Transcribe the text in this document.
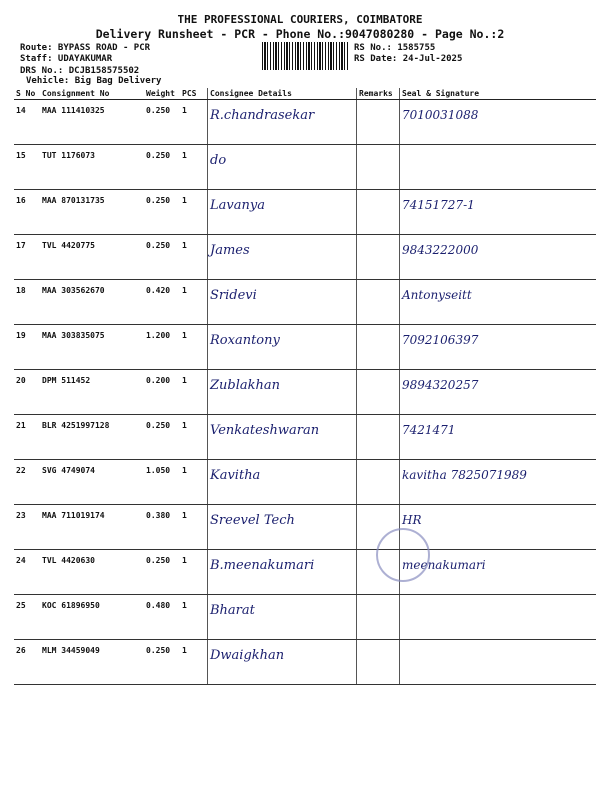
THE PROFESSIONAL COURIERS, COIMBATORE
Delivery Runsheet - PCR - Phone No.:9047080280 - Page No.:2
Route: BYPASS ROAD - PCR
Staff: UDAYAKUMAR
DRS No.: DCJB158575502
Vehicle: Big Bag Delivery
RS No.: 1585755
RS Date: 24-Jul-2025
S No	Consignment No	Weight	PCS	Consignee Details	Remarks	Seal & Signature
14	MAA 111410325	0.250	1	R.chandrasekar		7010031088

15	TUT 1176073	0.250	1	do		

16	MAA 870131735	0.250	1	Lavanya		74151727-1

17	TVL 4420775	0.250	1	James		9843222000

18	MAA 303562670	0.420	1	Sridevi		Antonyseitt

19	MAA 303835075	1.200	1	Roxantony		7092106397

20	DPM 511452	0.200	1	Zublakhan		9894320257

21	BLR 4251997128	0.250	1	Venkateshwaran		7421471

22	SVG 4749074	1.050	1	Kavitha		kavitha 7825071989

23	MAA 711019174	0.380	1	Sreevel Tech		HR

24	TVL 4420630	0.250	1	B.meenakumari		meenakumari

25	KOC 61896950	0.480	1	Bharat		

26	MLM 34459049	0.250	1	Dwaigkhan		
